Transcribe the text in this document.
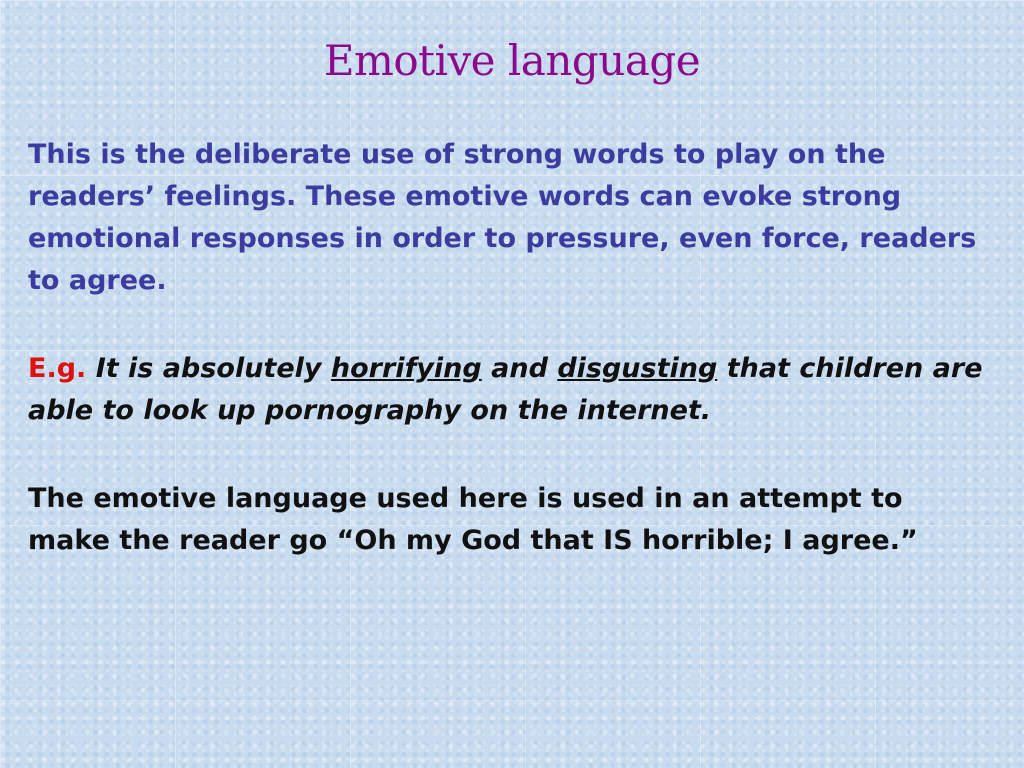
Emotive language

This is the deliberate use of strong words to play on the readers’ feelings. These emotive words can evoke strong emotional responses in order to pressure, even force, readers to agree.

E.g. It is absolutely horrifying and disgusting that children are able to look up pornography on the internet.

The emotive language used here is used in an attempt to make the reader go “Oh my God that IS horrible; I agree.”
